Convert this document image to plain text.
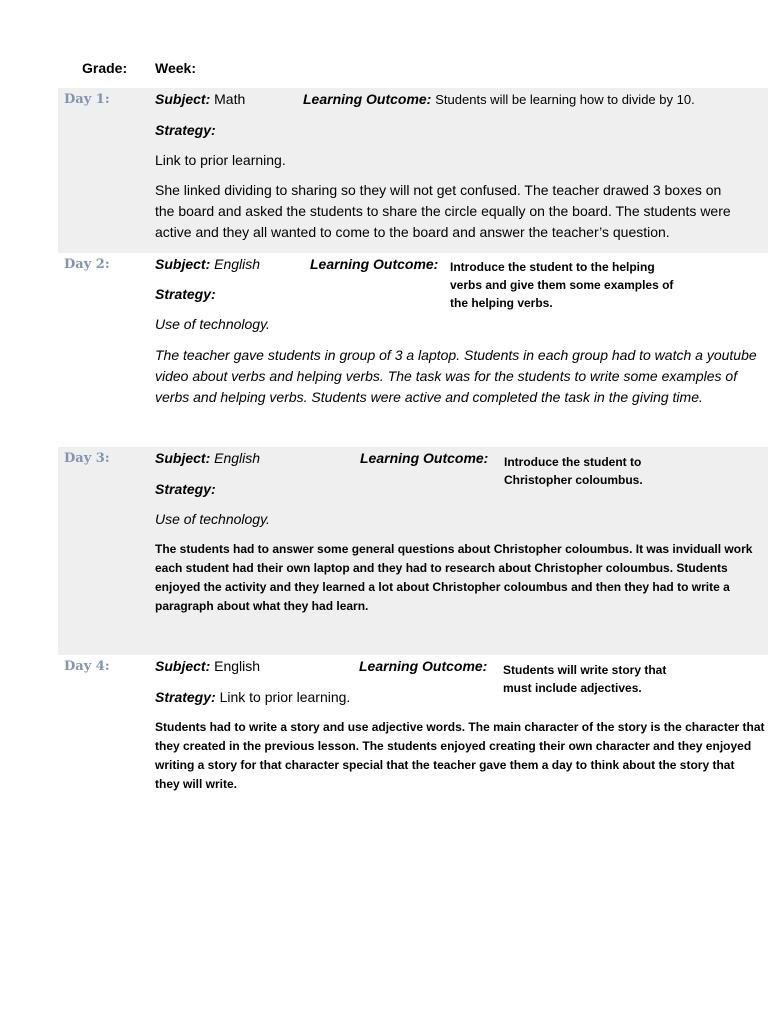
Grade: Week:
Day 1:	Subject: Math	Learning Outcome: Students will be learning how to divide by 10.
Strategy:
Link to prior learning.
She linked dividing to sharing so they will not get confused. The teacher drawed 3 boxes on
the board and asked the students to share the circle equally on the board. The students were
active and they all wanted to come to the board and answer the teacher’s question.
Day 2:	Subject: English	Learning Outcome: Introduce the student to the helping
verbs and give them some examples of
the helping verbs.
Strategy:
Use of technology.
The teacher gave students in group of 3 a laptop. Students in each group had to watch a youtube
video about verbs and helping verbs. The task was for the students to write some examples of
verbs and helping verbs. Students were active and completed the task in the giving time.
Day 3:	Subject: English	Learning Outcome: Introduce the student to
Christopher coloumbus.
Strategy:
Use of technology.
The students had to answer some general questions about Christopher coloumbus. It was inviduall work
each student had their own laptop and they had to research about Christopher coloumbus. Students
enjoyed the activity and they learned a lot about Christopher coloumbus and then they had to write a
paragraph about what they had learn.
Day 4:	Subject: English	Learning Outcome: Students will write story that
must include adjectives.
Strategy: Link to prior learning.
Students had to write a story and use adjective words. The main character of the story is the character that
they created in the previous lesson. The students enjoyed creating their own character and they enjoyed
writing a story for that character special that the teacher gave them a day to think about the story that
they will write.
